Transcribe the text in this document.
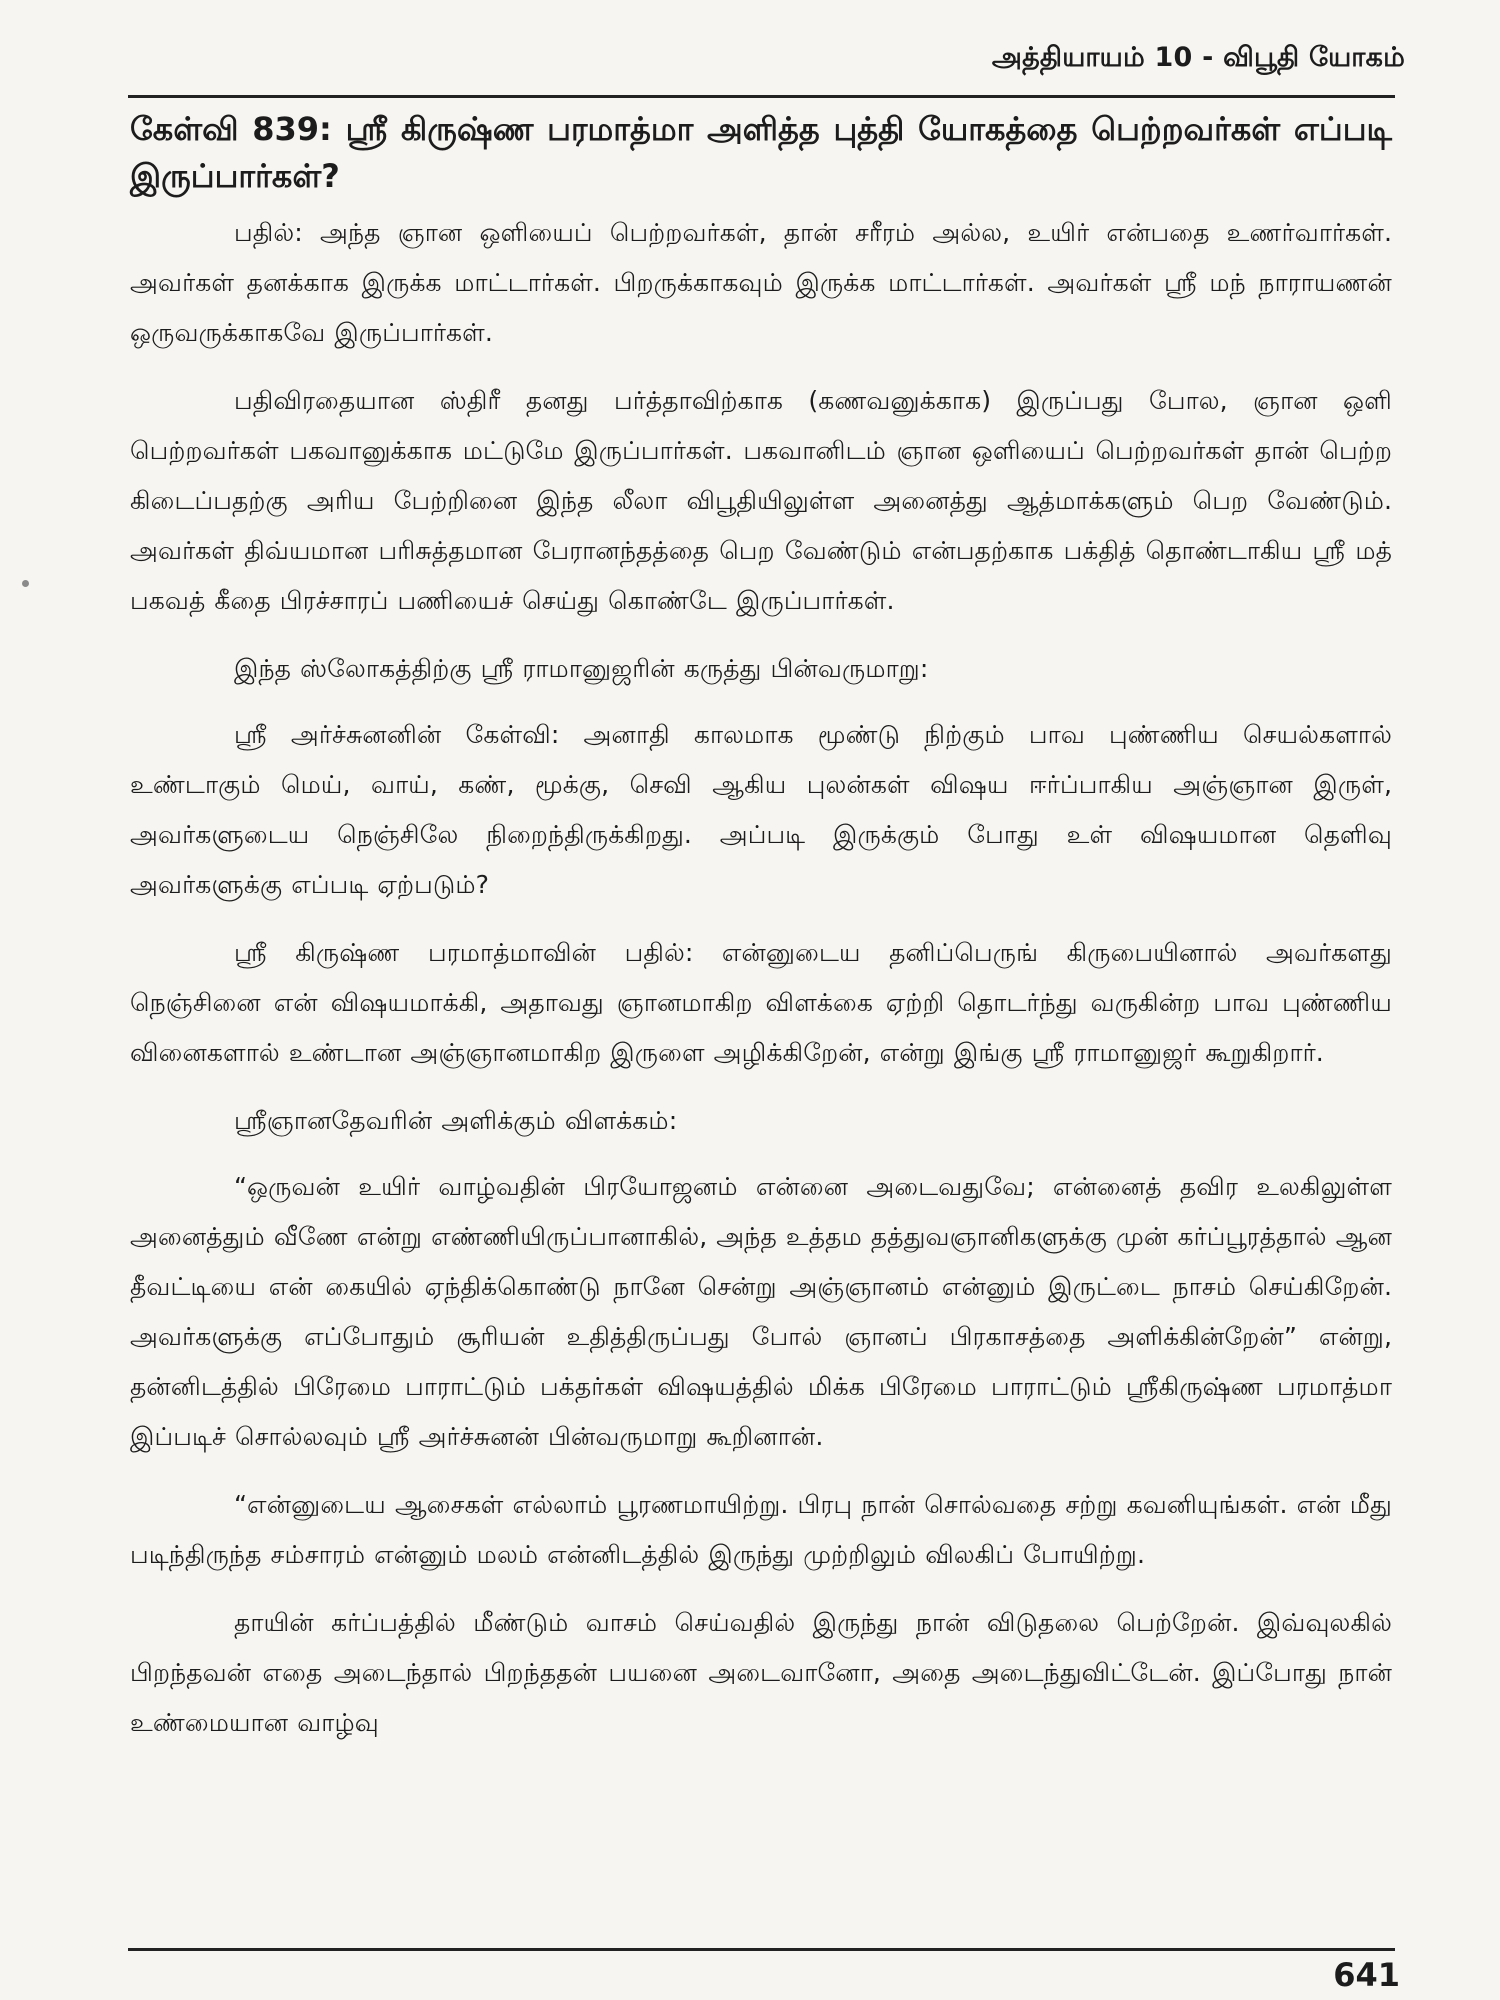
அத்தியாயம் 10 - விபூதி யோகம்

கேள்வி 839: ஸ்ரீ கிருஷ்ண பரமாத்மா அளித்த புத்தி யோகத்தை பெற்றவர்கள் எப்படி இருப்பார்கள்?

பதில்: அந்த ஞான ஒளியைப் பெற்றவர்கள், தான் சரீரம் அல்ல, உயிர் என்பதை உணர்வார்கள். அவர்கள் தனக்காக இருக்க மாட்டார்கள். பிறருக்காகவும் இருக்க மாட்டார்கள். அவர்கள் ஸ்ரீ மந் நாராயணன் ஒருவருக்காகவே இருப்பார்கள்.

பதிவிரதையான ஸ்திரீ தனது பர்த்தாவிற்காக (கணவனுக்காக) இருப்பது போல, ஞான ஒளி பெற்றவர்கள் பகவானுக்காக மட்டுமே இருப்பார்கள். பகவானிடம் ஞான ஒளியைப் பெற்றவர்கள் தான் பெற்ற கிடைப்பதற்கு அரிய பேற்றினை இந்த லீலா விபூதியிலுள்ள அனைத்து ஆத்மாக்களும் பெற வேண்டும். அவர்கள் திவ்யமான பரிசுத்தமான பேரானந்தத்தை பெற வேண்டும் என்பதற்காக பக்தித் தொண்டாகிய ஸ்ரீ மத் பகவத் கீதை பிரச்சாரப் பணியைச் செய்து கொண்டே இருப்பார்கள்.

இந்த ஸ்லோகத்திற்கு ஸ்ரீ ராமானுஜரின் கருத்து பின்வருமாறு:

ஸ்ரீ அர்ச்சுனனின் கேள்வி: அனாதி காலமாக மூண்டு நிற்கும் பாவ புண்ணிய செயல்களால் உண்டாகும் மெய், வாய், கண், மூக்கு, செவி ஆகிய புலன்கள் விஷய ஈர்ப்பாகிய அஞ்ஞான இருள், அவர்களுடைய நெஞ்சிலே நிறைந்திருக்கிறது. அப்படி இருக்கும் போது உள் விஷயமான தெளிவு அவர்களுக்கு எப்படி ஏற்படும்?

ஸ்ரீ கிருஷ்ண பரமாத்மாவின் பதில்: என்னுடைய தனிப்பெருங் கிருபையினால் அவர்களது நெஞ்சினை என் விஷயமாக்கி, அதாவது ஞானமாகிற விளக்கை ஏற்றி தொடர்ந்து வருகின்ற பாவ புண்ணிய வினைகளால் உண்டான அஞ்ஞானமாகிற இருளை அழிக்கிறேன், என்று இங்கு ஸ்ரீ ராமானுஜர் கூறுகிறார்.

ஸ்ரீஞானதேவரின் அளிக்கும் விளக்கம்:

“ஒருவன் உயிர் வாழ்வதின் பிரயோஜனம் என்னை அடைவதுவே; என்னைத் தவிர உலகிலுள்ள அனைத்தும் வீணே என்று எண்ணியிருப்பானாகில், அந்த உத்தம தத்துவஞானிகளுக்கு முன் கர்ப்பூரத்தால் ஆன தீவட்டியை என் கையில் ஏந்திக்கொண்டு நானே சென்று அஞ்ஞானம் என்னும் இருட்டை நாசம் செய்கிறேன். அவர்களுக்கு எப்போதும் சூரியன் உதித்திருப்பது போல் ஞானப் பிரகாசத்தை அளிக்கின்றேன்” என்று, தன்னிடத்தில் பிரேமை பாராட்டும் பக்தர்கள் விஷயத்தில் மிக்க பிரேமை பாராட்டும் ஸ்ரீகிருஷ்ண பரமாத்மா இப்படிச் சொல்லவும் ஸ்ரீ அர்ச்சுனன் பின்வருமாறு கூறினான்.

“என்னுடைய ஆசைகள் எல்லாம் பூரணமாயிற்று. பிரபு நான் சொல்வதை சற்று கவனியுங்கள். என் மீது படிந்திருந்த சம்சாரம் என்னும் மலம் என்னிடத்தில் இருந்து முற்றிலும் விலகிப் போயிற்று.

தாயின் கர்ப்பத்தில் மீண்டும் வாசம் செய்வதில் இருந்து நான் விடுதலை பெற்றேன். இவ்வுலகில் பிறந்தவன் எதை அடைந்தால் பிறந்ததன் பயனை அடைவானோ, அதை அடைந்துவிட்டேன். இப்போது நான் உண்மையான வாழ்வு

641
